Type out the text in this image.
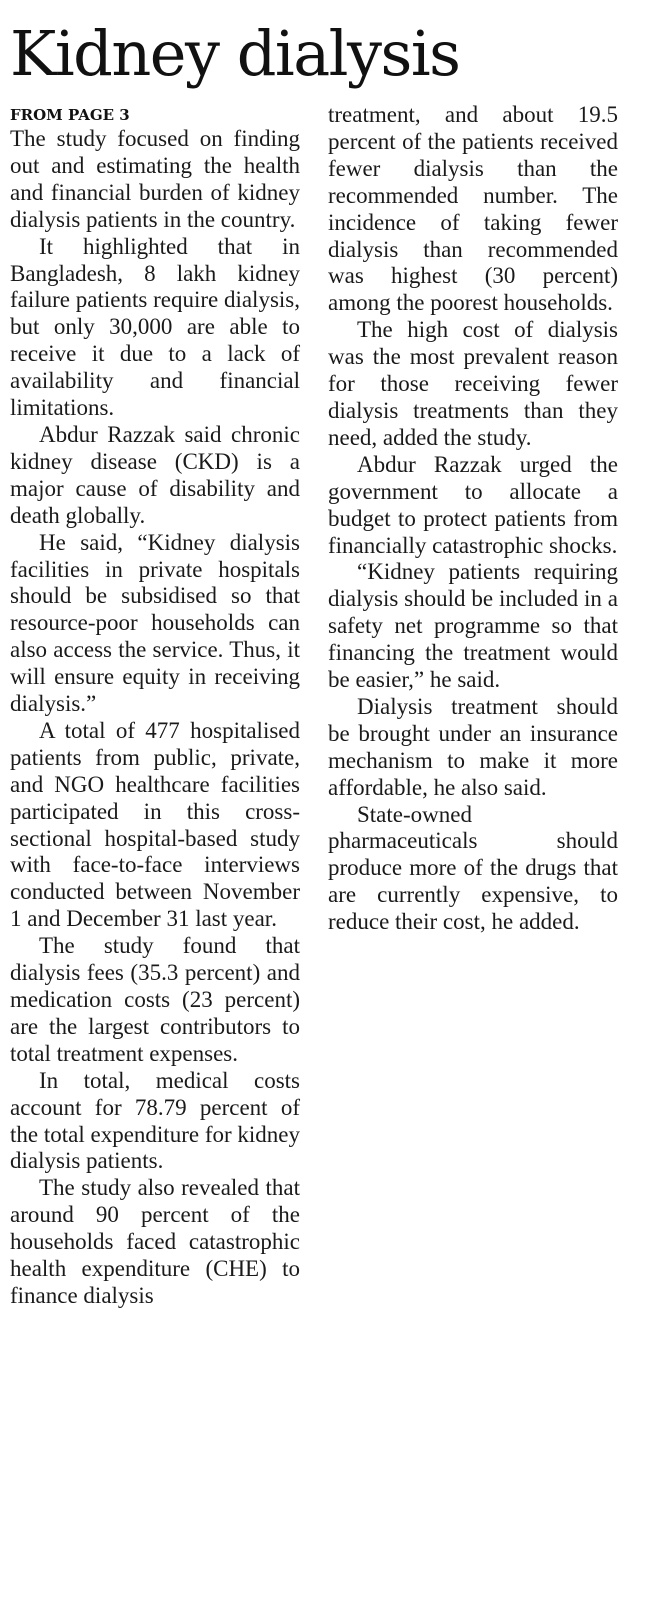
Kidney dialysis
FROM PAGE 3

The study focused on finding out and estimating the health and financial burden of kidney dialysis patients in the country.

It highlighted that in Bangladesh, 8 lakh kidney failure patients require dialysis, but only 30,000 are able to receive it due to a lack of availability and financial limitations.

Abdur Razzak said chronic kidney disease (CKD) is a major cause of disability and death globally.

He said, “Kidney dialysis facilities in private hospitals should be subsidised so that resource-poor households can also access the service. Thus, it will ensure equity in receiving dialysis.”

A total of 477 hospitalised patients from public, private, and NGO healthcare facilities participated in this cross-sectional hospital-based study with face-to-face interviews conducted between November 1 and December 31 last year.

The study found that dialysis fees (35.3 percent) and medication costs (23 percent) are the largest contributors to total treatment expenses.

In total, medical costs account for 78.79 percent of the total expenditure for kidney dialysis patients.

The study also revealed that around 90 percent of the households faced catastrophic health expenditure (CHE) to finance dialysis

treatment, and about 19.5 percent of the patients received fewer dialysis than the recommended number. The incidence of taking fewer dialysis than recommended was highest (30 percent) among the poorest households.

The high cost of dialysis was the most prevalent reason for those receiving fewer dialysis treatments than they need, added the study.

Abdur Razzak urged the government to allocate a budget to protect patients from financially catastrophic shocks.

“Kidney patients requiring dialysis should be included in a safety net programme so that financing the treatment would be easier,” he said.

Dialysis treatment should be brought under an insurance mechanism to make it more affordable, he also said.

State-owned pharmaceuticals should produce more of the drugs that are currently expensive, to reduce their cost, he added.
